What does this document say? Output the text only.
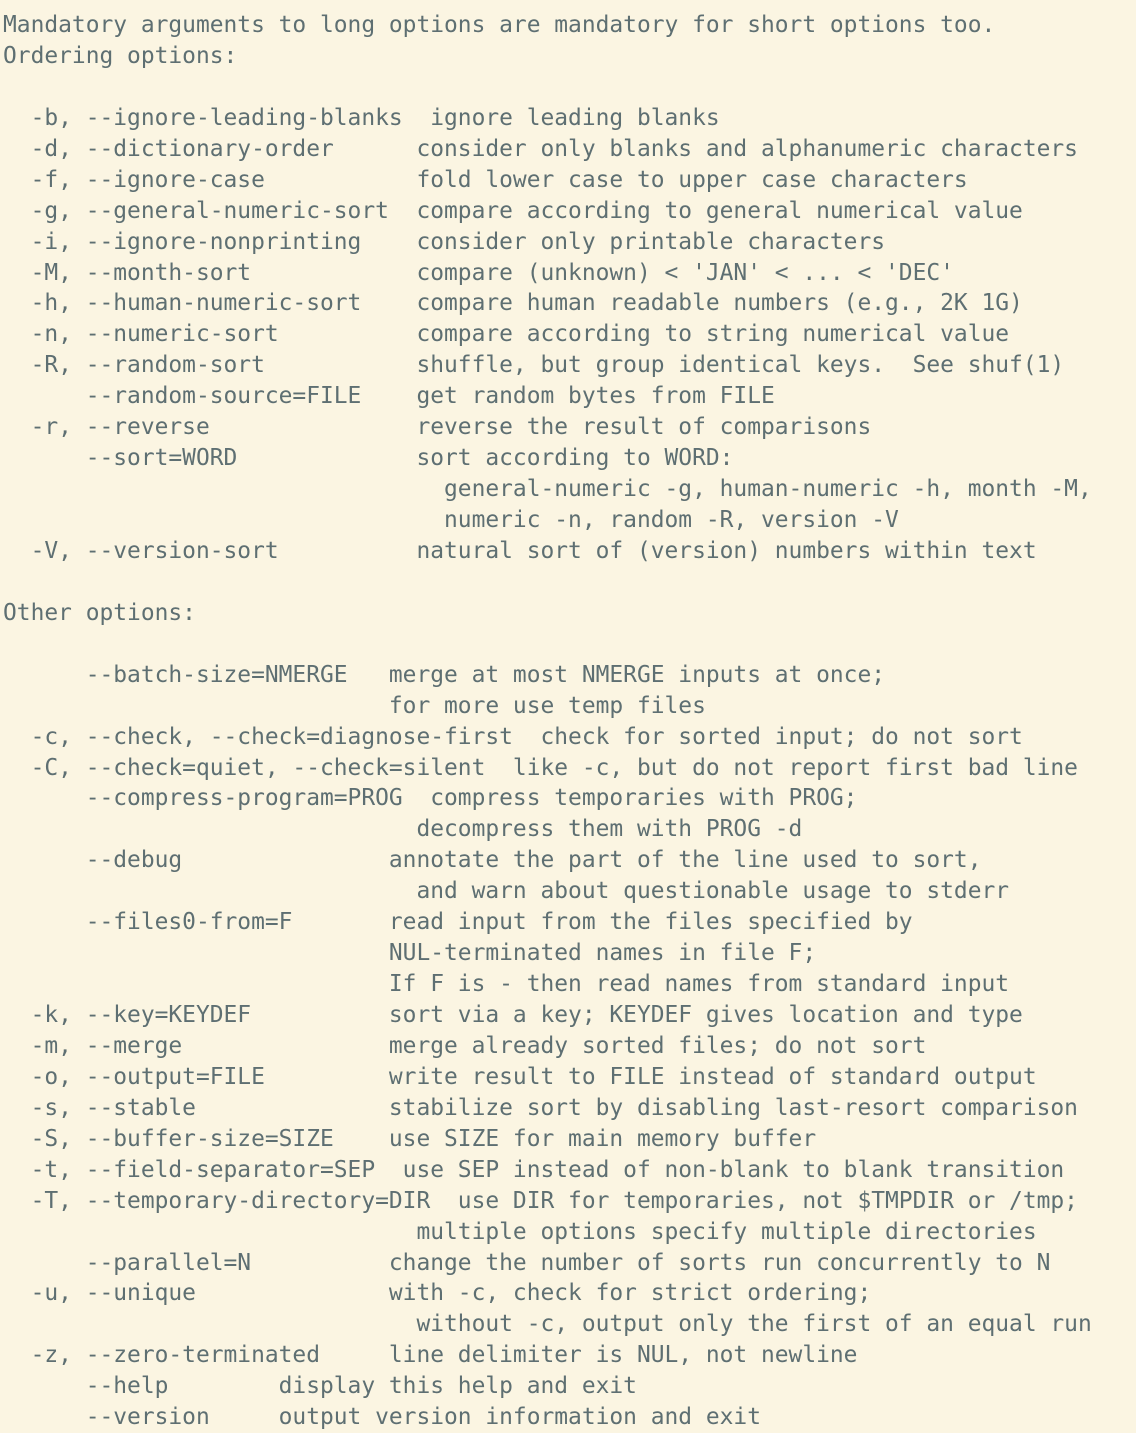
Mandatory arguments to long options are mandatory for short options too.
Ordering options:
-b, --ignore-leading-blanks  ignore leading blanks
-d, --dictionary-order      consider only blanks and alphanumeric characters
-f, --ignore-case           fold lower case to upper case characters
-g, --general-numeric-sort  compare according to general numerical value
-i, --ignore-nonprinting    consider only printable characters
-M, --month-sort            compare (unknown) < 'JAN' < ... < 'DEC'
-h, --human-numeric-sort    compare human readable numbers (e.g., 2K 1G)
-n, --numeric-sort          compare according to string numerical value
-R, --random-sort           shuffle, but group identical keys.  See shuf(1)
--random-source=FILE    get random bytes from FILE
-r, --reverse               reverse the result of comparisons
--sort=WORD             sort according to WORD:
general-numeric -g, human-numeric -h, month -M,
numeric -n, random -R, version -V
-V, --version-sort          natural sort of (version) numbers within text
Other options:
--batch-size=NMERGE   merge at most NMERGE inputs at once;
for more use temp files
-c, --check, --check=diagnose-first  check for sorted input; do not sort
-C, --check=quiet, --check=silent  like -c, but do not report first bad line
--compress-program=PROG  compress temporaries with PROG;
decompress them with PROG -d
--debug               annotate the part of the line used to sort,
and warn about questionable usage to stderr
--files0-from=F       read input from the files specified by
NUL-terminated names in file F;
If F is - then read names from standard input
-k, --key=KEYDEF          sort via a key; KEYDEF gives location and type
-m, --merge               merge already sorted files; do not sort
-o, --output=FILE         write result to FILE instead of standard output
-s, --stable              stabilize sort by disabling last-resort comparison
-S, --buffer-size=SIZE    use SIZE for main memory buffer
-t, --field-separator=SEP  use SEP instead of non-blank to blank transition
-T, --temporary-directory=DIR  use DIR for temporaries, not $TMPDIR or /tmp;
multiple options specify multiple directories
--parallel=N          change the number of sorts run concurrently to N
-u, --unique              with -c, check for strict ordering;
without -c, output only the first of an equal run
-z, --zero-terminated     line delimiter is NUL, not newline
--help        display this help and exit
--version     output version information and exit
